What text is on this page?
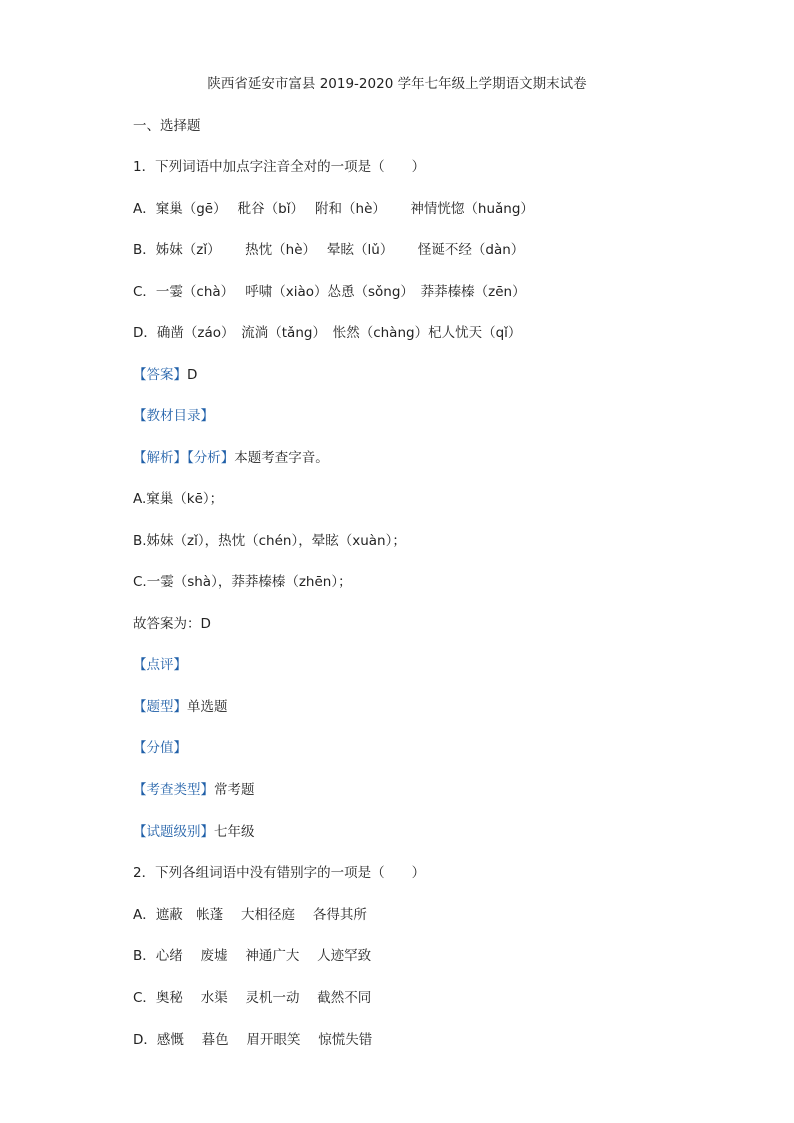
陕西省延安市富县 2019-2020 学年七年级上学期语文期末试卷
一、选择题
1．下列词语中加点字注音全对的一项是（　　）
A．窠巢（gē）　 秕谷（bǐ）　 附和（hè）　　 神情恍惚（huǎng）
B．姊妹（zǐ）　　 热忱（hè）　 晕眩（lǔ）　　 怪诞不经（dàn）
C．一霎（chà）　 呼啸（xiào）怂恿（sǒng）　莽莽榛榛（zēn）
D．确凿（záo）　流淌（tǎng）　怅然（chàng）杞人忧天（qǐ）
【答案】D
【教材目录】
【解析】【分析】本题考查字音。
A.窠巢（kē）；
B.姊妹（zǐ），热忱（chén），晕眩（xuàn）；
C.一霎（shà），莽莽榛榛（zhēn）；
故答案为：D
【点评】
【题型】单选题
【分值】
【考查类型】常考题
【试题级别】七年级
2．下列各组词语中没有错别字的一项是（　　）
A．遮蔽　帐蓬　 大相径庭　 各得其所
B．心绪　 废墟　 神通广大　 人迹罕致
C．奥秘　 水渠　 灵机一动　 截然不同
D．感慨　 暮色　 眉开眼笑　 惊慌失错
